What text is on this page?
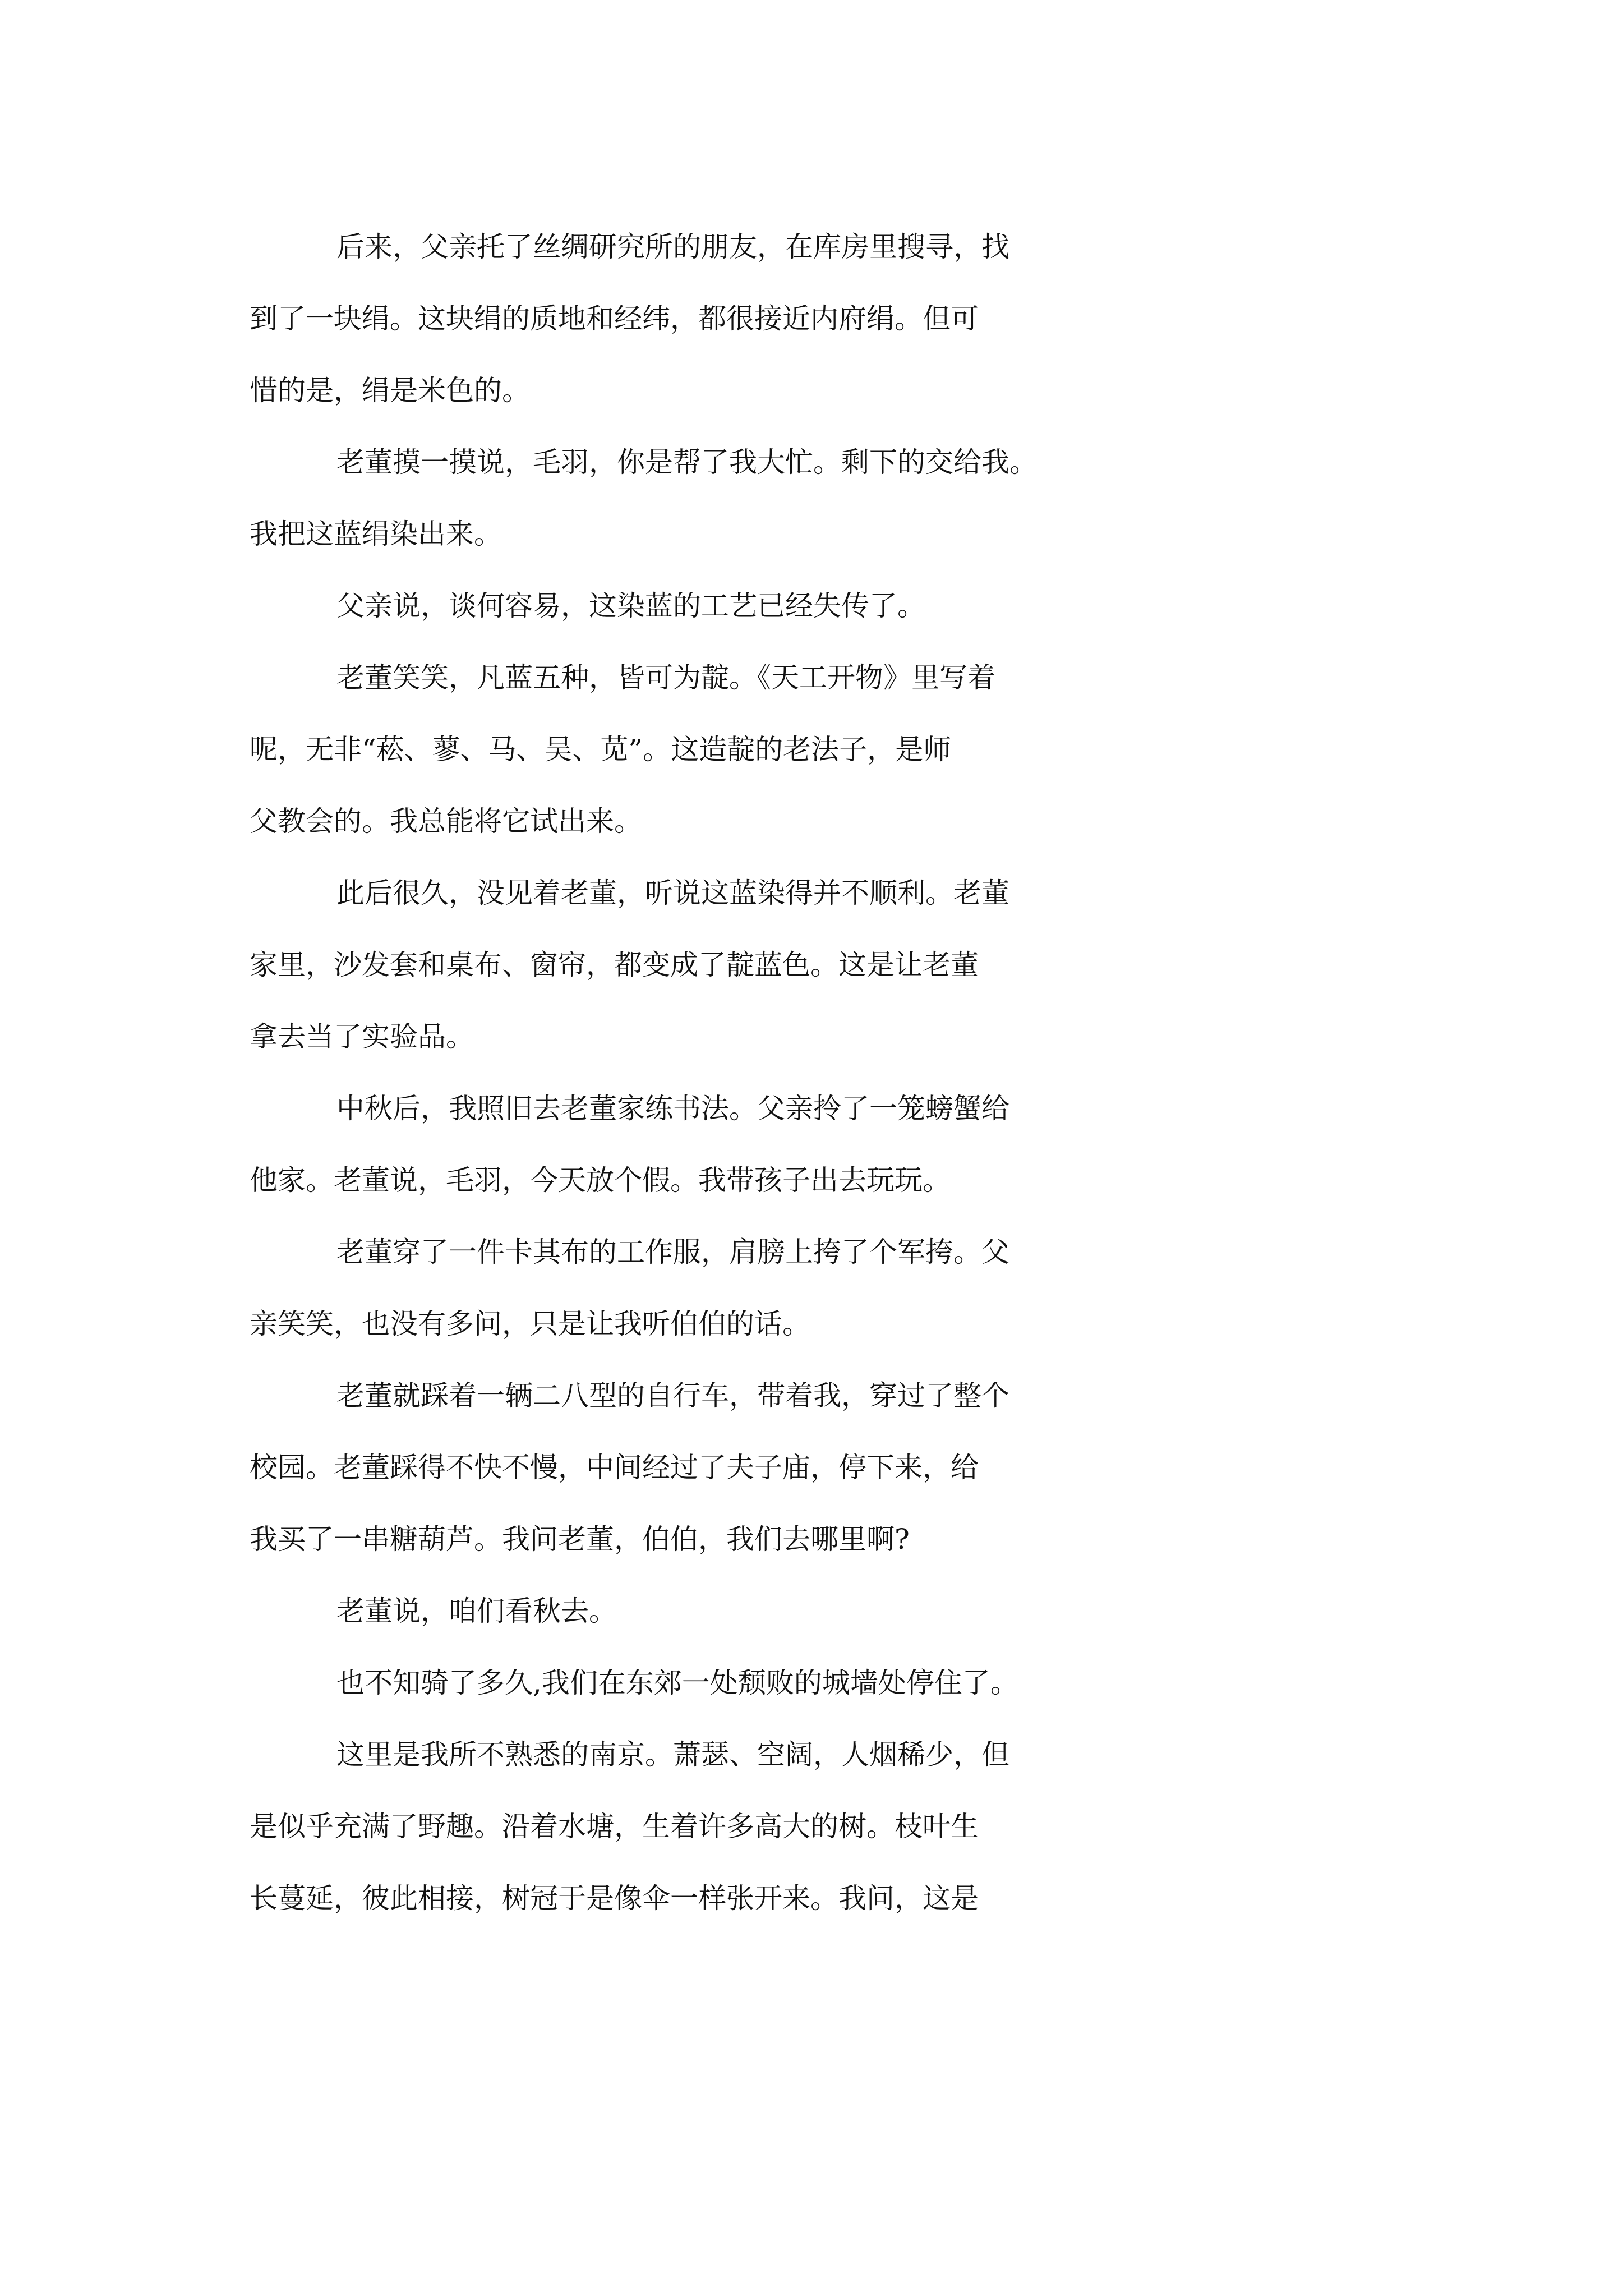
后来，父亲托了丝绸研究所的朋友，在库房里搜寻，找
到了一块绢。这块绢的质地和经纬，都很接近内府绢。但可
惜的是，绢是米色的。
老董摸一摸说，毛羽，你是帮了我大忙。剩下的交给我。
我把这蓝绢染出来。
父亲说，谈何容易，这染蓝的工艺已经失传了。
老董笑笑，凡蓝五种，皆可为靛。《天工开物》里写着
呢，无非“菘、蓼、马、吴、苋”。这造靛的老法子，是师
父教会的。我总能将它试出来。
此后很久，没见着老董，听说这蓝染得并不顺利。老董
家里，沙发套和桌布、窗帘，都变成了靛蓝色。这是让老董
拿去当了实验品。
中秋后，我照旧去老董家练书法。父亲拎了一笼螃蟹给
他家。老董说，毛羽，今天放个假。我带孩子出去玩玩。
老董穿了一件卡其布的工作服，肩膀上挎了个军挎。父
亲笑笑，也没有多问，只是让我听伯伯的话。
老董就踩着一辆二八型的自行车，带着我，穿过了整个
校园。老董踩得不快不慢，中间经过了夫子庙，停下来，给
我买了一串糖葫芦。我问老董，伯伯，我们去哪里啊?
老董说，咱们看秋去。
也不知骑了多久,我们在东郊一处颓败的城墙处停住了。
这里是我所不熟悉的南京。萧瑟、空阔，人烟稀少，但
是似乎充满了野趣。沿着水塘，生着许多高大的树。枝叶生
长蔓延，彼此相接，树冠于是像伞一样张开来。我问，这是
